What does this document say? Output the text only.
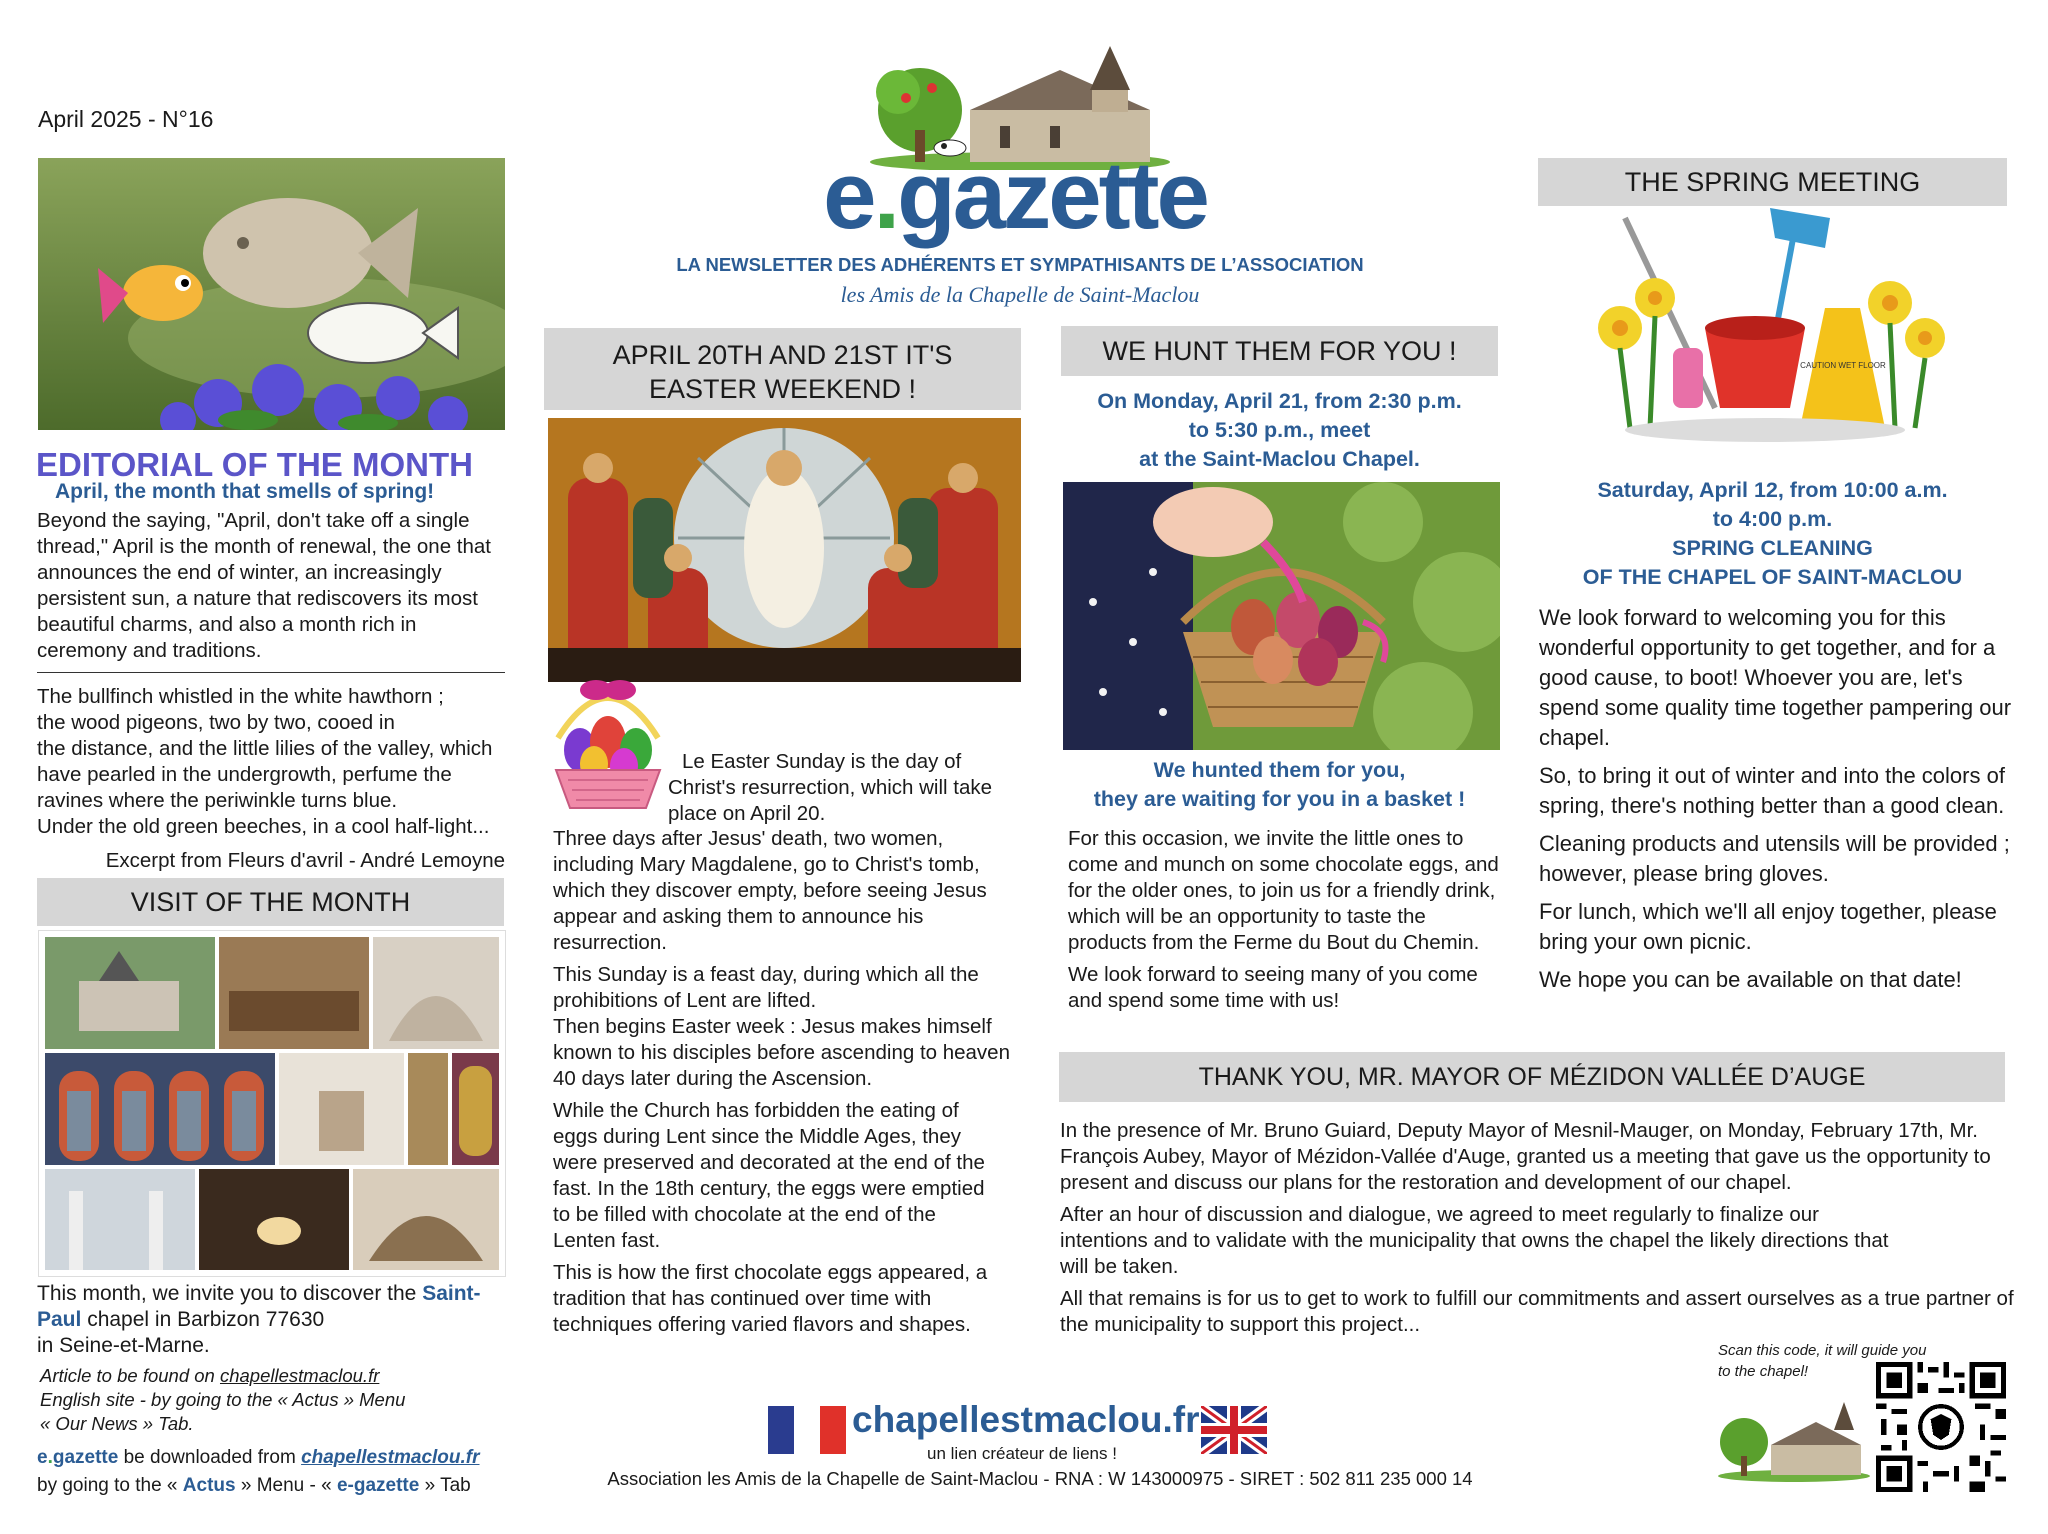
April 2025 - N°16
e.gazette
LA NEWSLETTER DES ADHÉRENTS ET SYMPATHISANTS DE L’ASSOCIATION
les Amis de la Chapelle de Saint-Maclou
EDITORIAL OF THE MONTH
April, the month that smells of spring!
Beyond the saying, "April, don't take off a single thread," April is the month of renewal, the one that announces the end of winter, an increasingly persistent sun, a nature that rediscovers its most beautiful charms, and also a month rich in ceremony and traditions.
The bullfinch whistled in the white hawthorn ;
the wood pigeons, two by two, cooed in
the distance, and the little lilies of the valley, which have pearled in the undergrowth, perfume the ravines where the periwinkle turns blue.
Under the old green beeches, in a cool half-light...
Excerpt from Fleurs d'avril - André Lemoyne
VISIT OF THE MONTH
This month, we invite you to discover the Saint-Paul chapel in Barbizon 77630
in Seine-et-Marne.
Article to be found on chapellestmaclou.fr
English site - by going to the « Actus » Menu
« Our News » Tab.
e.gazette be downloaded from chapellestmaclou.fr
by going to the « Actus » Menu - « e-gazette » Tab
APRIL 20TH AND 21ST IT'S
EASTER WEEKEND !
Le Easter Sunday is the day of Christ's resurrection, which will take place on April 20.

Three days after Jesus' death, two women, including Mary Magdalene, go to Christ's tomb, which they discover empty, before seeing Jesus appear and asking them to announce his resurrection.

This Sunday is a feast day, during which all the prohibitions of Lent are lifted.

Then begins Easter week : Jesus makes himself known to his disciples before ascending to heaven 40 days later during the Ascension.

While the Church has forbidden the eating of eggs during Lent since the Middle Ages, they were preserved and decorated at the end of the fast. In the 18th century, the eggs were emptied to be filled with chocolate at the end of the Lenten fast.

This is how the first chocolate eggs appeared, a tradition that has continued over time with techniques offering varied flavors and shapes.

WE HUNT THEM FOR YOU !
On Monday, April 21, from 2:30 p.m.
to 5:30 p.m., meet
at the Saint-Maclou Chapel.
We hunted them for you,
they are waiting for you in a basket !

For this occasion, we invite the little ones to come and munch on some chocolate eggs, and for the older ones, to join us for a friendly drink, which will be an opportunity to taste the products from the Ferme du Bout du Chemin.

We look forward to seeing many of you come and spend some time with us!

THE SPRING MEETING
CAUTION WET FLOOR
Saturday, April 12, from 10:00 a.m.
to 4:00 p.m.
SPRING CLEANING
OF THE CHAPEL OF SAINT-MACLOU

We look forward to welcoming you for this wonderful opportunity to get together, and for a good cause, to boot! Whoever you are, let's spend some quality time together pampering our chapel.

So, to bring it out of winter and into the colors of spring, there's nothing better than a good clean.

Cleaning products and utensils will be provided ; however, please bring gloves.

For lunch, which we'll all enjoy together, please bring your own picnic.

We hope you can be available on that date!

THANK YOU, MR. MAYOR OF MÉZIDON VALLÉE D’AUGE

In the presence of Mr. Bruno Guiard, Deputy Mayor of Mesnil-Mauger, on Monday, February 17th, Mr. François Aubey, Mayor of Mézidon-Vallée d'Auge, granted us a meeting that gave us the opportunity to present and discuss our plans for the restoration and development of our chapel.

After an hour of discussion and dialogue, we agreed to meet regularly to finalize our intentions and to validate with the municipality that owns the chapel the likely directions that will be taken.

All that remains is for us to get to work to fulfill our commitments and assert ourselves as a true partner of the municipality to support this project...

chapellestmaclou.fr
un lien créateur de liens !
Association les Amis de la Chapelle de Saint-Maclou - RNA : W 143000975 - SIRET : 502 811 235 000 14
Scan this code, it will guide you
to the chapel!
